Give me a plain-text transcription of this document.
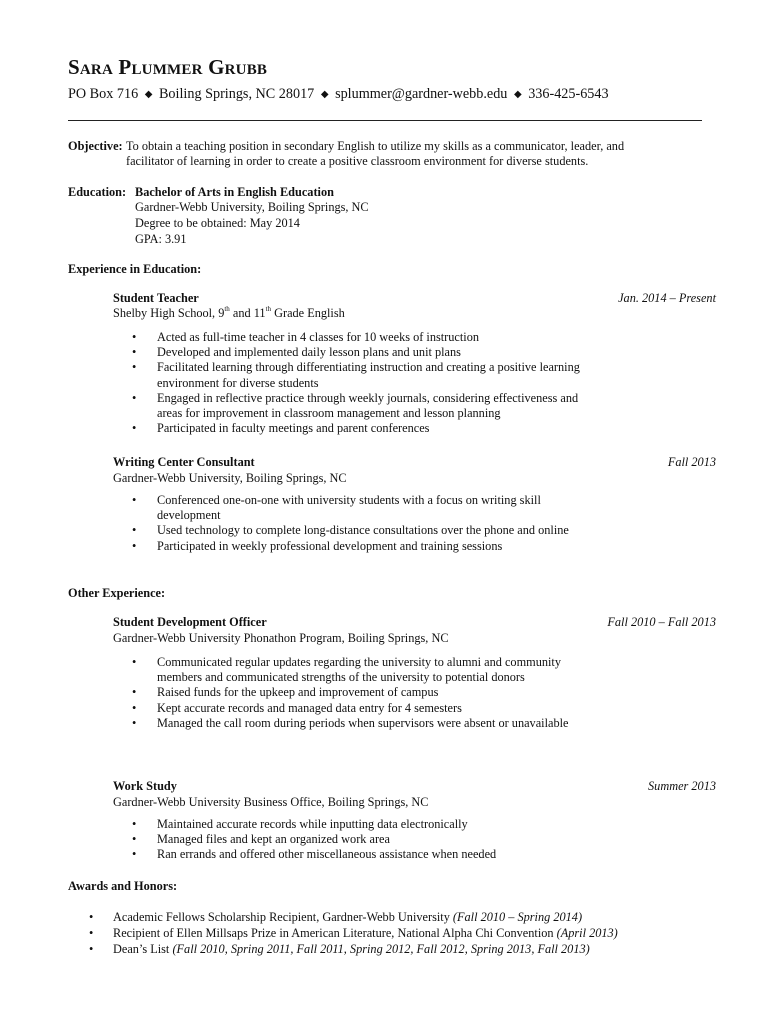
Sara Plummer Grubb
PO Box 716 ◆ Boiling Springs, NC 28017 ◆ splummer@gardner-webb.edu ◆ 336-425-6543
Objective: To obtain a teaching position in secondary English to utilize my skills as a communicator, leader, and
facilitator of learning in order to create a positive classroom environment for diverse students.
Education: Bachelor of Arts in English Education
Gardner-Webb University, Boiling Springs, NC
Degree to be obtained: May 2014
GPA: 3.91
Experience in Education:
Student Teacher	Jan. 2014 – Present
Shelby High School, 9th and 11th Grade English
• Acted as full-time teacher in 4 classes for 10 weeks of instruction
• Developed and implemented daily lesson plans and unit plans
• Facilitated learning through differentiating instruction and creating a positive learning environment for diverse students
• Engaged in reflective practice through weekly journals, considering effectiveness and areas for improvement in classroom management and lesson planning
• Participated in faculty meetings and parent conferences
Writing Center Consultant	Fall 2013
Gardner-Webb University, Boiling Springs, NC
• Conferenced one-on-one with university students with a focus on writing skill development
• Used technology to complete long-distance consultations over the phone and online
• Participated in weekly professional development and training sessions
Other Experience:
Student Development Officer	Fall 2010 – Fall 2013
Gardner-Webb University Phonathon Program, Boiling Springs, NC
• Communicated regular updates regarding the university to alumni and community members and communicated strengths of the university to potential donors
• Raised funds for the upkeep and improvement of campus
• Kept accurate records and managed data entry for 4 semesters
• Managed the call room during periods when supervisors were absent or unavailable
Work Study	Summer 2013
Gardner-Webb University Business Office, Boiling Springs, NC
• Maintained accurate records while inputting data electronically
• Managed files and kept an organized work area
• Ran errands and offered other miscellaneous assistance when needed
Awards and Honors:
• Academic Fellows Scholarship Recipient, Gardner-Webb University (Fall 2010 – Spring 2014)
• Recipient of Ellen Millsaps Prize in American Literature, National Alpha Chi Convention (April 2013)
• Dean’s List (Fall 2010, Spring 2011, Fall 2011, Spring 2012, Fall 2012, Spring 2013, Fall 2013)
